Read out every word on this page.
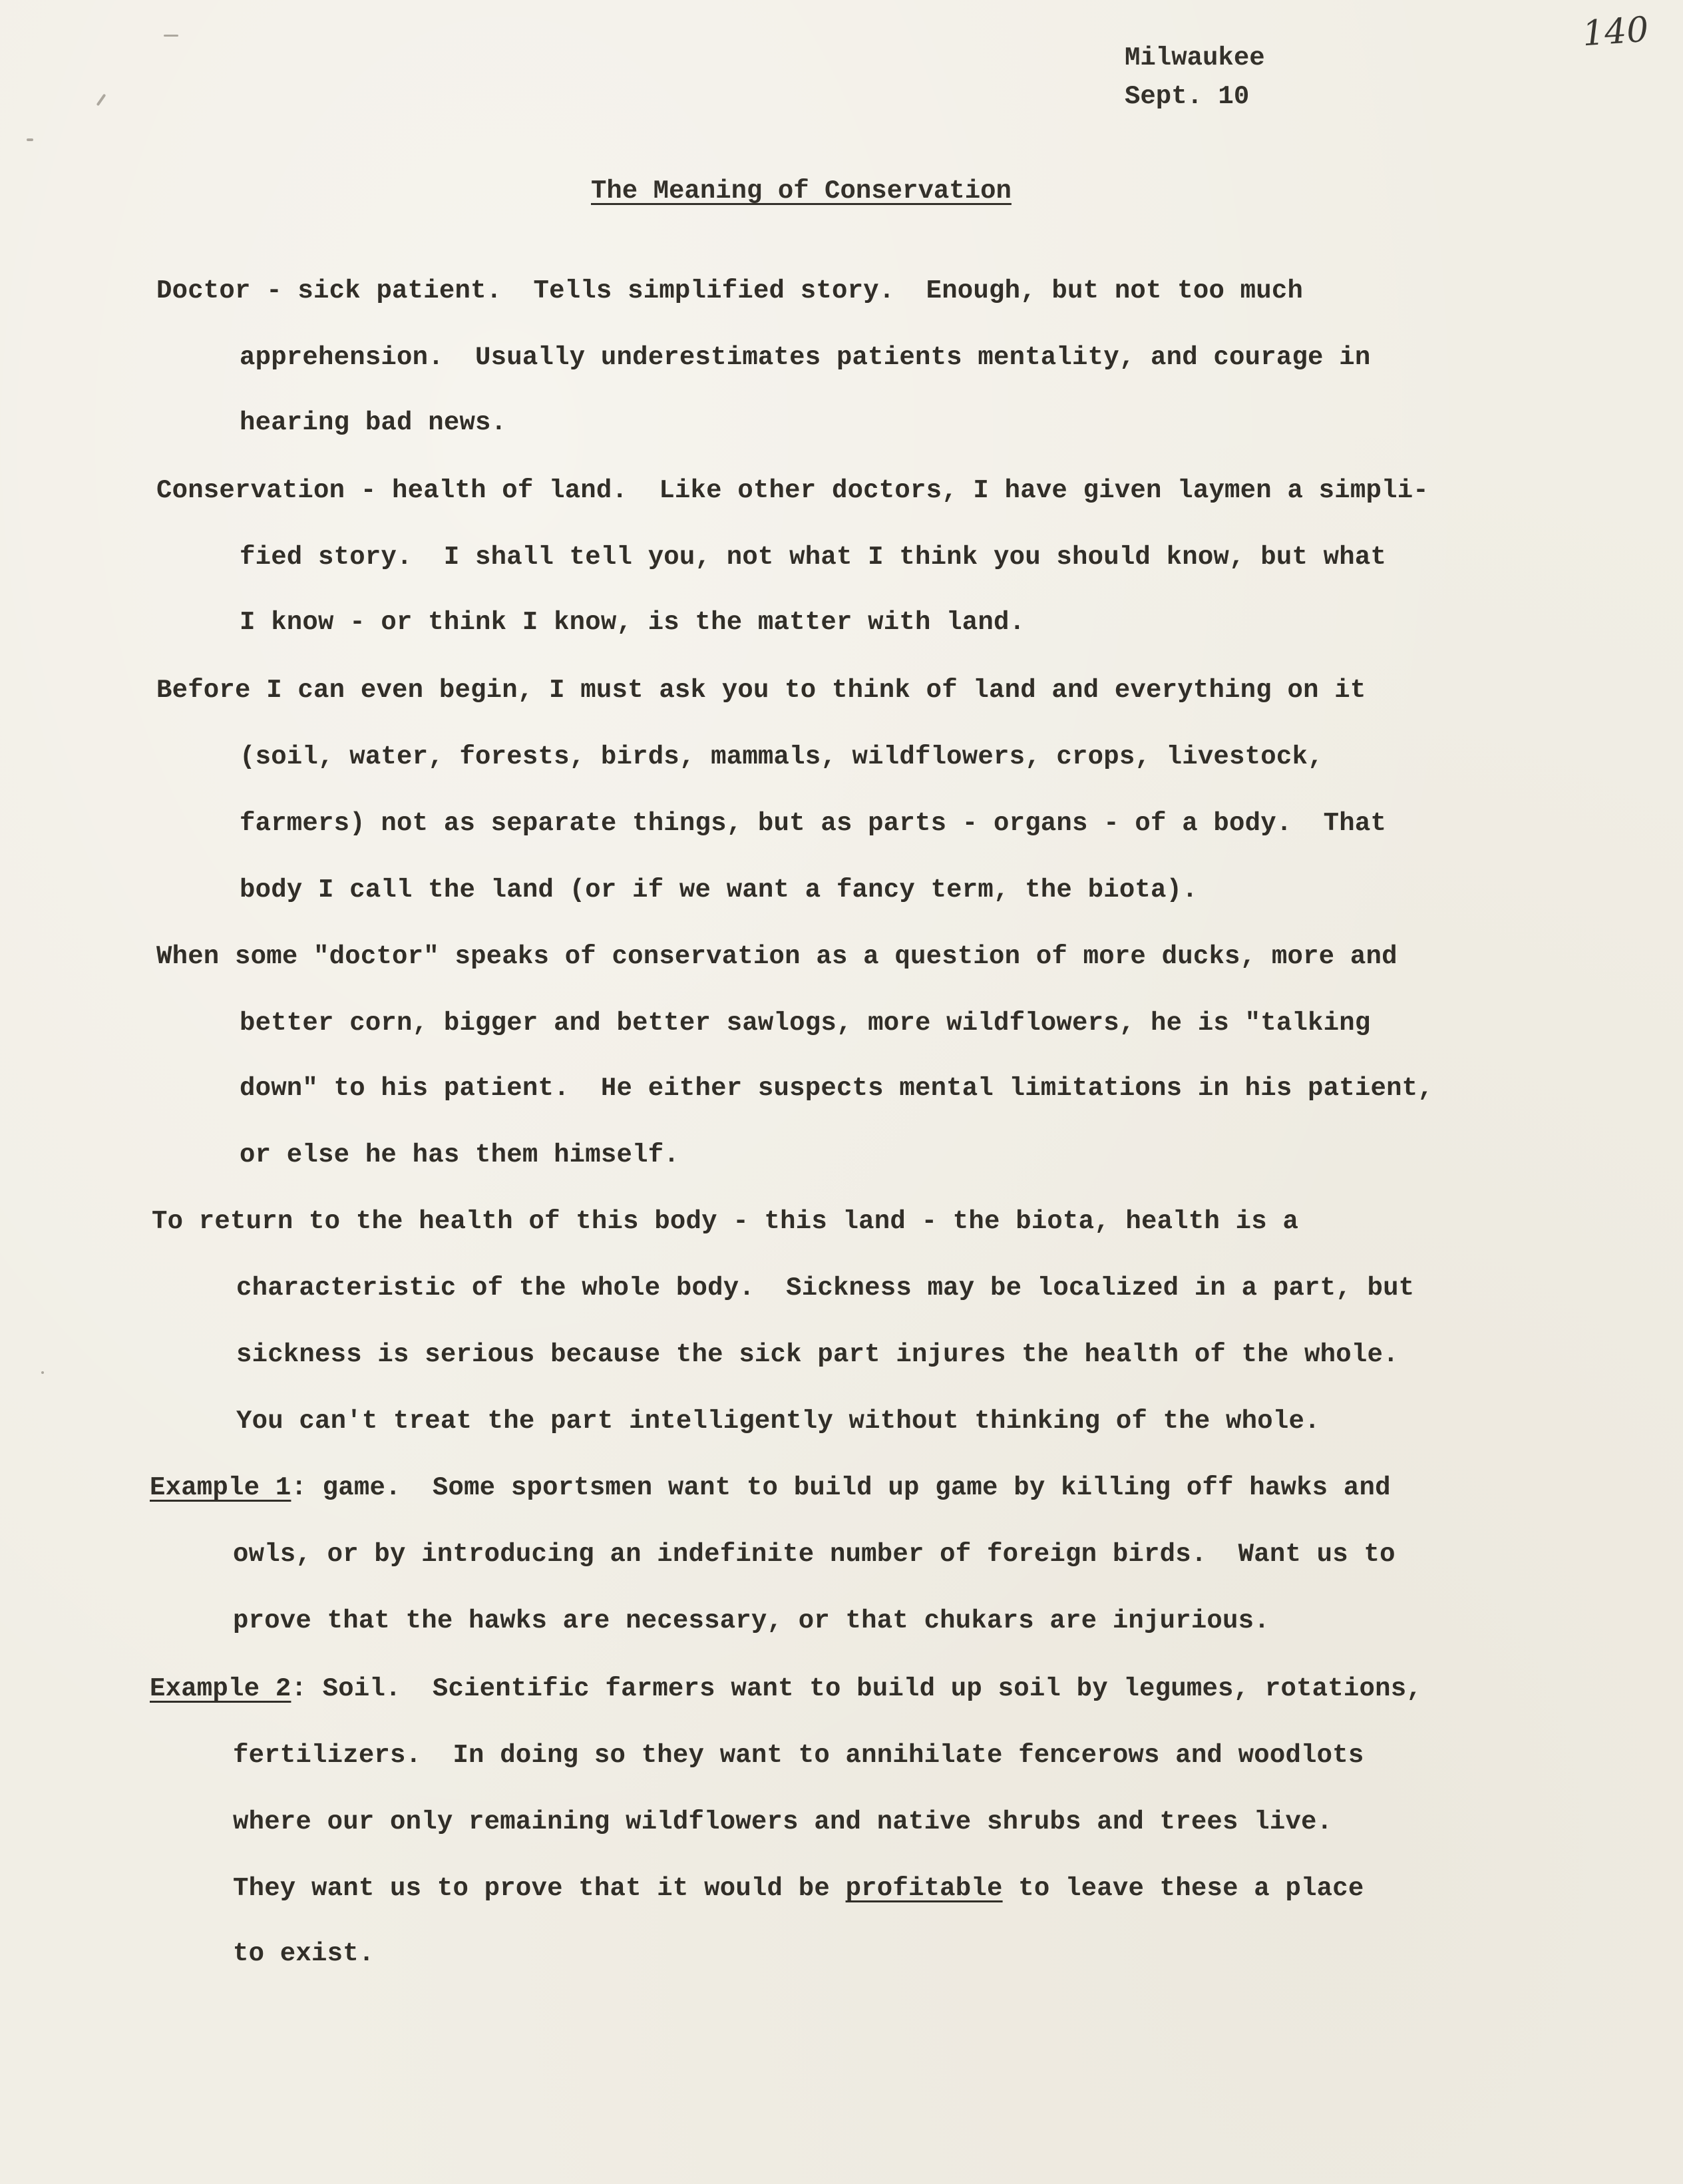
140
Milwaukee
Sept. 10
The Meaning of Conservation
Doctor - sick patient.  Tells simplified story.  Enough, but not too much
apprehension.  Usually underestimates patients mentality, and courage in
hearing bad news.
Conservation - health of land.  Like other doctors, I have given laymen a simpli-
fied story.  I shall tell you, not what I think you should know, but what
I know - or think I know, is the matter with land.
Before I can even begin, I must ask you to think of land and everything on it
(soil, water, forests, birds, mammals, wildflowers, crops, livestock,
farmers) not as separate things, but as parts - organs - of a body.  That
body I call the land (or if we want a fancy term, the biota).
When some "doctor" speaks of conservation as a question of more ducks, more and
better corn, bigger and better sawlogs, more wildflowers, he is "talking
down" to his patient.  He either suspects mental limitations in his patient,
or else he has them himself.
To return to the health of this body - this land - the biota, health is a
characteristic of the whole body.  Sickness may be localized in a part, but
sickness is serious because the sick part injures the health of the whole.
You can't treat the part intelligently without thinking of the whole.
Example 1: game.  Some sportsmen want to build up game by killing off hawks and
owls, or by introducing an indefinite number of foreign birds.  Want us to
prove that the hawks are necessary, or that chukars are injurious.
Example 2: Soil.  Scientific farmers want to build up soil by legumes, rotations,
fertilizers.  In doing so they want to annihilate fencerows and woodlots
where our only remaining wildflowers and native shrubs and trees live.
They want us to prove that it would be profitable to leave these a place
to exist.
